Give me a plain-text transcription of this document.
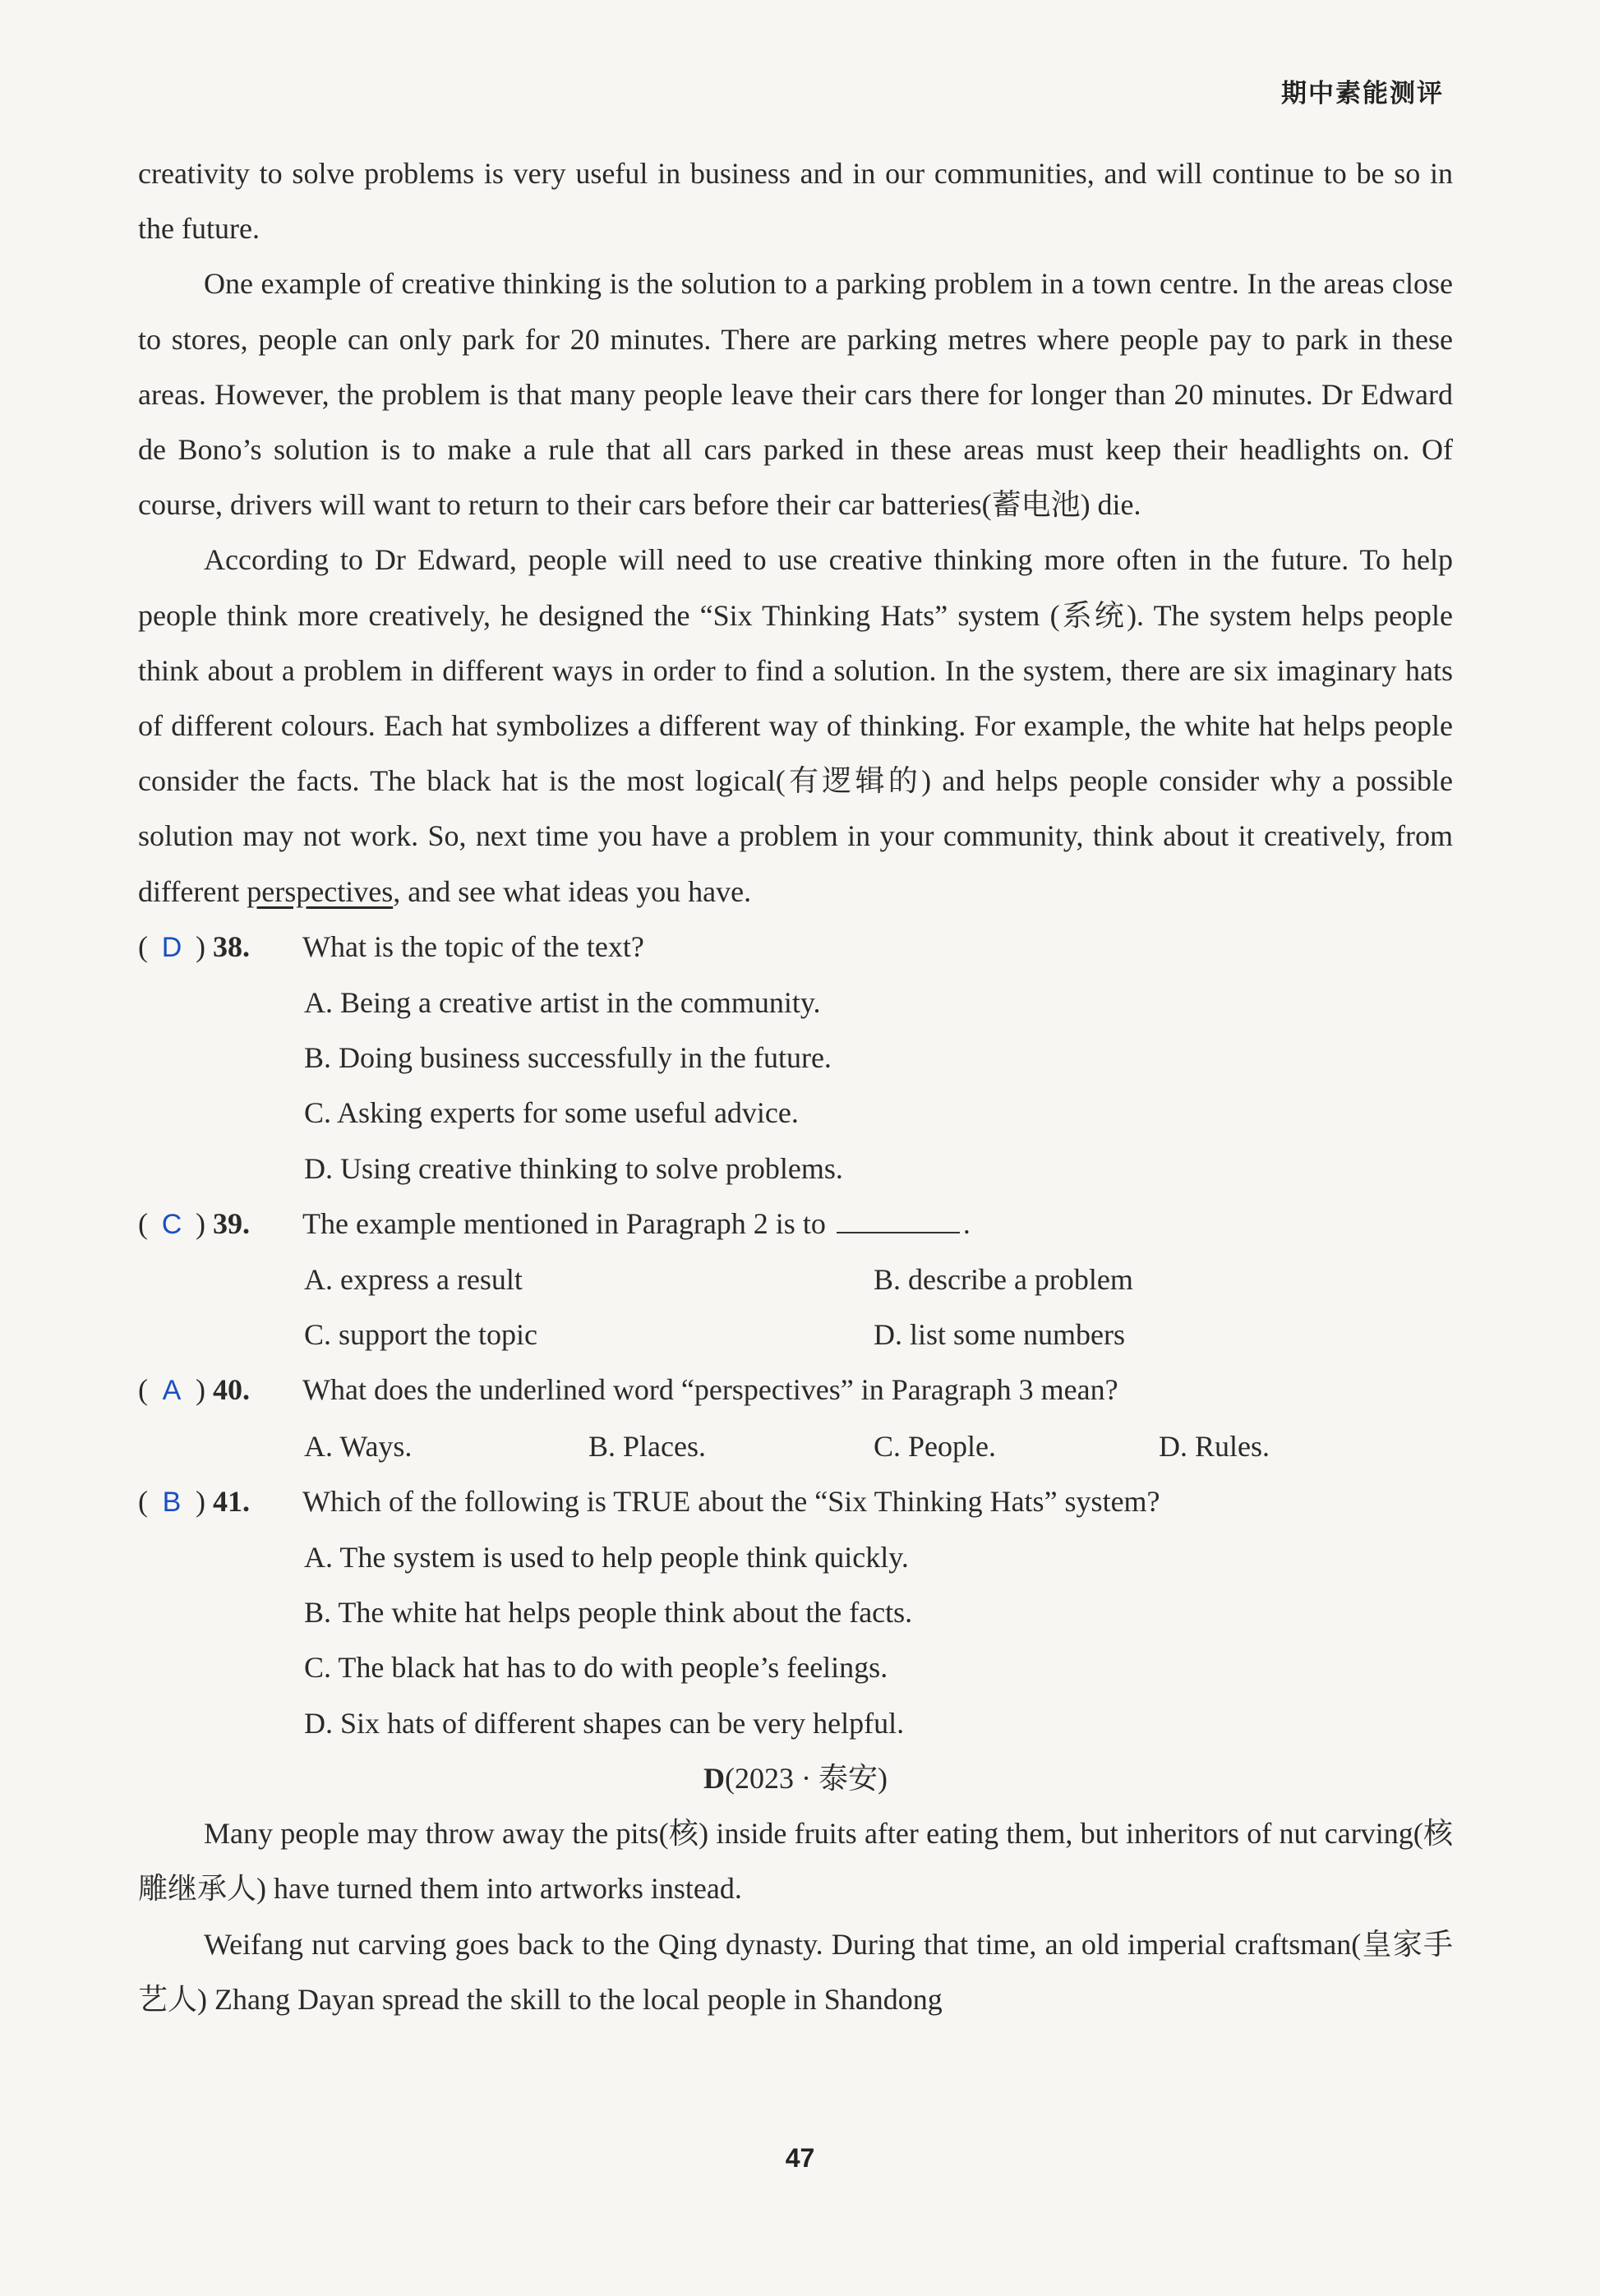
期中素能测评

creativity to solve problems is very useful in business and in our communities, and will continue to be so in the future.

One example of creative thinking is the solution to a parking problem in a town centre. In the areas close to stores, people can only park for 20 minutes. There are parking metres where people pay to park in these areas. However, the problem is that many people leave their cars there for longer than 20 minutes. Dr Edward de Bono’s solution is to make a rule that all cars parked in these areas must keep their headlights on. Of course, drivers will want to return to their cars before their car batteries(蓄电池) die.

According to Dr Edward, people will need to use creative thinking more often in the future. To help people think more creatively, he designed the “Six Thinking Hats” system (系统). The system helps people think about a problem in different ways in order to find a solution. In the system, there are six imaginary hats of different colours. Each hat symbolizes a different way of thinking. For example, the white hat helps people consider the facts. The black hat is the most logical(有逻辑的) and helps people consider why a possible solution may not work. So, next time you have a problem in your community, think about it creatively, from different perspectives, and see what ideas you have.

( D ) 38.	What is the topic of the text?

A. Being a creative artist in the community.

B. Doing business successfully in the future.

C. Asking experts for some useful advice.

D. Using creative thinking to solve problems.

( C ) 39.	The example mentioned in Paragraph 2 is to	.
A. express a result	B. describe a problem
C. support the topic	D. list some numbers
( A ) 40.	What does the underlined word “perspectives” in Paragraph 3 mean?
A. Ways.	B. Places.	C. People.	D. Rules.
( B ) 41.	Which of the following is TRUE about the “Six Thinking Hats” system?

A. The system is used to help people think quickly.

B. The white hat helps people think about the facts.

C. The black hat has to do with people’s feelings.

D. Six hats of different shapes can be very helpful.

D(2023 · 泰安)

Many people may throw away the pits(核) inside fruits after eating them, but inheritors of nut carving(核雕继承人) have turned them into artworks instead.

Weifang nut carving goes back to the Qing dynasty. During that time, an old imperial craftsman(皇家手艺人) Zhang Dayan spread the skill to the local people in Shandong

47
